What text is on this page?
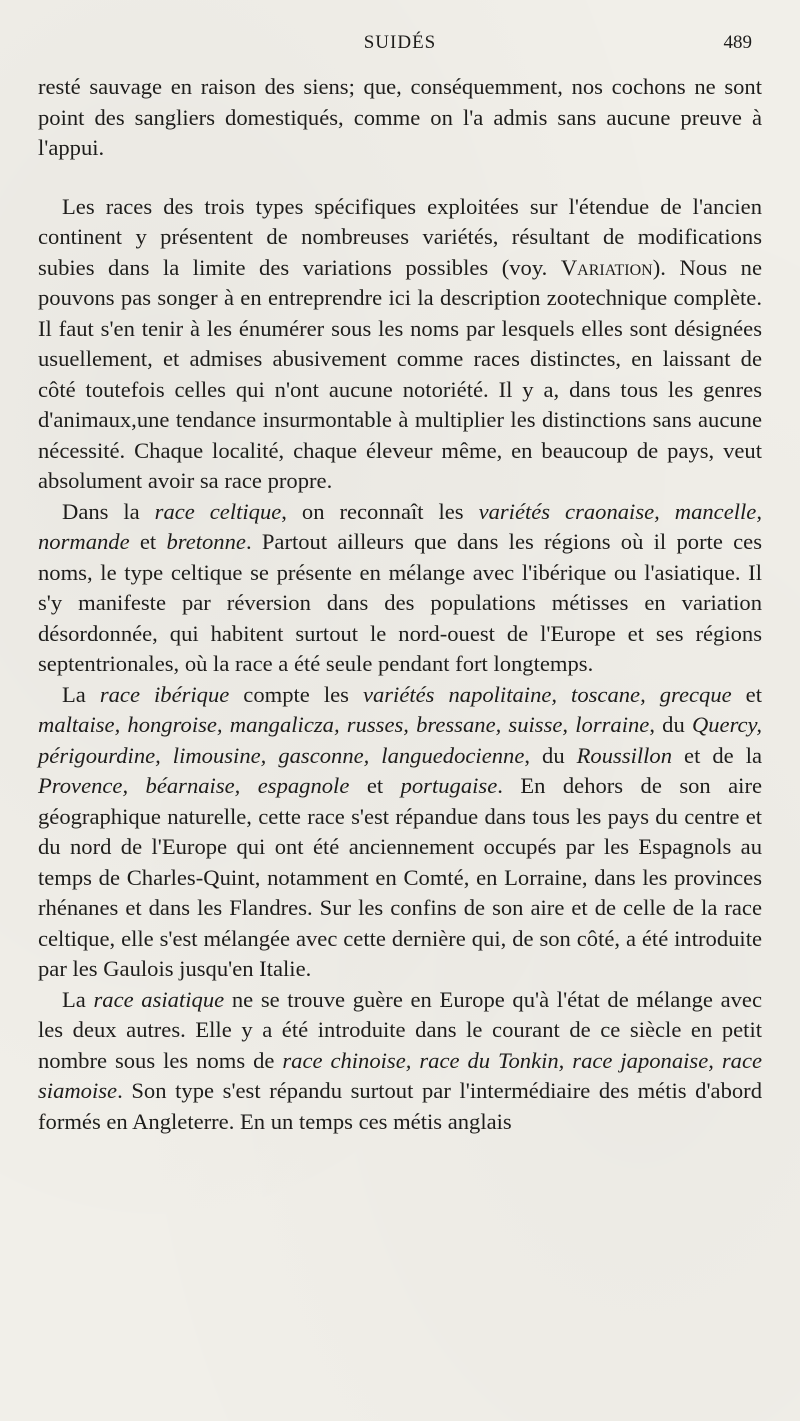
SUIDÉS	489

resté sauvage en raison des siens; que, conséquemment, nos cochons ne sont point des sangliers domestiqués, comme on l'a admis sans aucune preuve à l'appui.

Les races des trois types spécifiques exploitées sur l'étendue de l'ancien continent y présentent de nombreuses variétés, résultant de modifications subies dans la limite des variations possibles (voy. Variation). Nous ne pouvons pas songer à en entreprendre ici la description zootechnique complète. Il faut s'en tenir à les énumérer sous les noms par lesquels elles sont désignées usuellement, et admises abusivement comme races distinctes, en laissant de côté toutefois celles qui n'ont aucune notoriété. Il y a, dans tous les genres d'animaux,une tendance insurmontable à multiplier les distinctions sans aucune nécessité. Chaque localité, chaque éleveur même, en beaucoup de pays, veut absolument avoir sa race propre.

Dans la race celtique, on reconnaît les variétés craonaise, mancelle, normande et bretonne. Partout ailleurs que dans les régions où il porte ces noms, le type celtique se présente en mélange avec l'ibérique ou l'asiatique. Il s'y manifeste par réversion dans des populations métisses en variation désordonnée, qui habitent surtout le nord-ouest de l'Europe et ses régions septentrionales, où la race a été seule pendant fort longtemps.

La race ibérique compte les variétés napolitaine, toscane, grecque et maltaise, hongroise, mangalicza, russes, bressane, suisse, lorraine, du Quercy, périgourdine, limousine, gasconne, languedocienne, du Roussillon et de la Provence, béarnaise, espagnole et portugaise. En dehors de son aire géographique naturelle, cette race s'est répandue dans tous les pays du centre et du nord de l'Europe qui ont été anciennement occupés par les Espagnols au temps de Charles-Quint, notamment en Comté, en Lorraine, dans les provinces rhénanes et dans les Flandres. Sur les confins de son aire et de celle de la race celtique, elle s'est mélangée avec cette dernière qui, de son côté, a été introduite par les Gaulois jusqu'en Italie.

La race asiatique ne se trouve guère en Europe qu'à l'état de mélange avec les deux autres. Elle y a été introduite dans le courant de ce siècle en petit nombre sous les noms de race chinoise, race du Tonkin, race japonaise, race siamoise. Son type s'est répandu surtout par l'intermédiaire des métis d'abord formés en Angleterre. En un temps ces métis anglais
